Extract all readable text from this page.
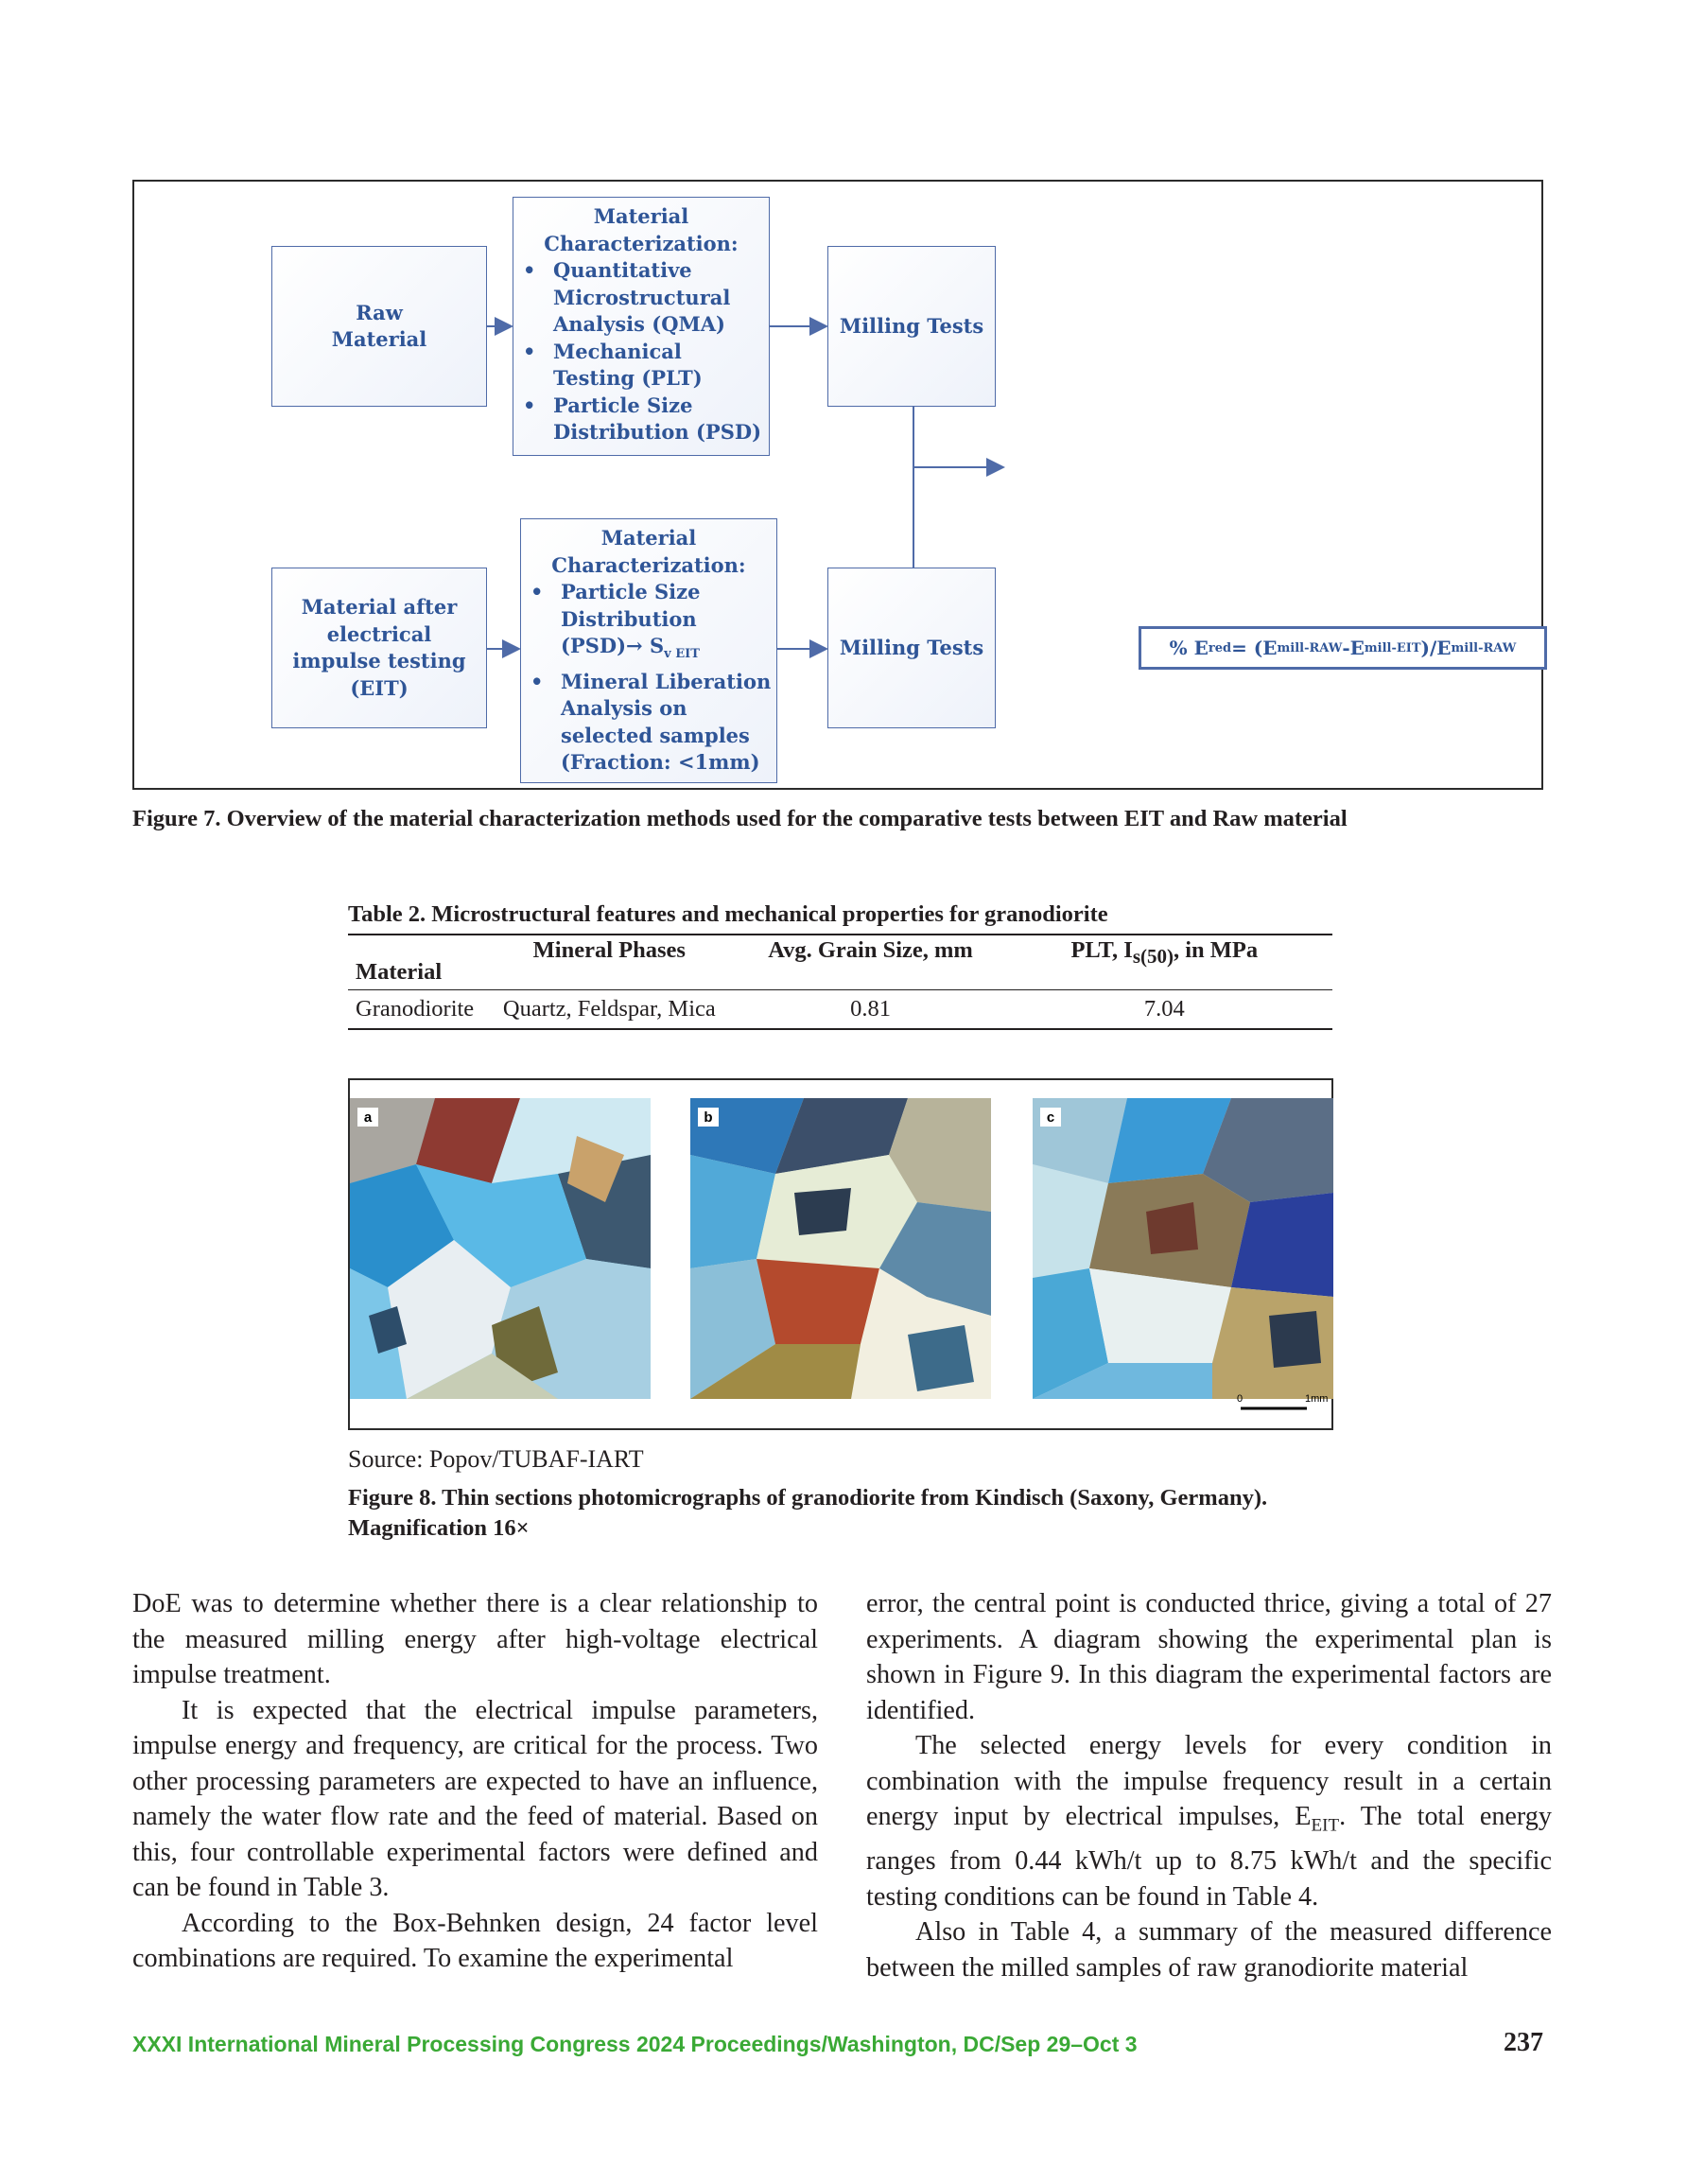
Raw Material
Material Characterization:
• Quantitative Microstructural Analysis (QMA)
• Mechanical Testing (PLT)
• Particle Size Distribution (PSD)
Milling Tests
% E red = (E mill-RAW -E mill-EIT )/E mill-RAW
Material after electrical impulse testing (EIT)
Material Characterization:
• Particle Size Distribution $(PSD)\to S_{v EIT}$
• Mineral Liberation Analysis on selected samples (Fraction: <1mm)
Milling Tests
Figure 7. Overview of the material characterization methods used for the comparative tests between EIT and Raw material
Table 2. Microstructural features and mechanical properties for granodiorite
Material	Mineral Phases	Avg. Grain Size, mm	PLT, $I_{s(50)}$, in MPa
Granodiorite	Quartz, Feldspar, Mica	0.81	7.04
a	b	c
0	1mm
Source: Popov/TUBAF-IART
Figure 8. Thin sections photomicrographs of granodiorite from Kindisch (Saxony, Germany). Magnification 16×

DoE was to determine whether there is a clear relationship to the measured milling energy after high-voltage electrical impulse treatment.

It is expected that the electrical impulse parameters, impulse energy and frequency, are critical for the process. Two other processing parameters are expected to have an influence, namely the water flow rate and the feed of material. Based on this, four controllable experimental factors were defined and can be found in Table 3.

According to the Box-Behnken design, 24 factor level combinations are required. To examine the experimental

error, the central point is conducted thrice, giving a total of 27 experiments. A diagram showing the experimental plan is shown in Figure 9. In this diagram the experimental factors are identified.

The selected energy levels for every condition in combination with the impulse frequency result in a certain energy input by electrical impulses, $E_{EIT}$. The total energy ranges from 0.44 kWh/t up to 8.75 kWh/t and the specific testing conditions can be found in Table 4.

Also in Table 4, a summary of the measured difference between the milled samples of raw granodiorite material

XXXI International Mineral Processing Congress 2024 Proceedings/Washington, DC/Sep 29–Oct 3	237
